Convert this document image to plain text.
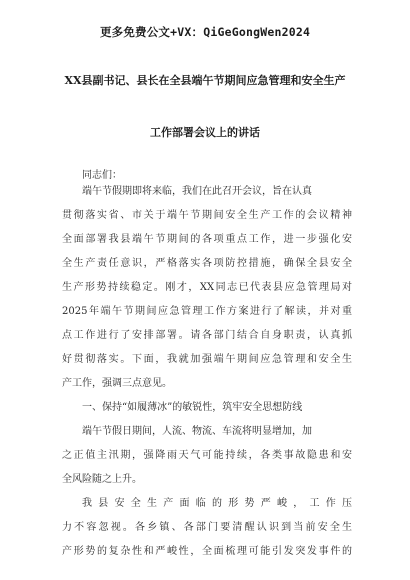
更多免费公文+VX：QiGeGongWen2024
XX县副书记、县长在全县端午节期间应急管理和安全生产
工作部署会议上的讲话
同志们：
端午节假期即将来临，我们在此召开会议，旨在认真
贯彻落实省、市关于端午节期间安全生产工作的会议精神
全面部署我县端午节期间的各项重点工作，进一步强化安
全生产责任意识，严格落实各项防控措施，确保全县安全
生产形势持续稳定。刚才，XX同志已代表县应急管理局对
2025年端午节期间应急管理工作方案进行了解读，并对重
点工作进行了安排部署。请各部门结合自身职责，认真抓
好贯彻落实。下面，我就加强端午期间应急管理和安全生
产工作，强调三点意见。
一、保持“如履薄冰”的敏锐性，筑牢安全思想防线
端午节假日期间，人流、物流、车流将明显增加，加
之正值主汛期，强降雨天气可能持续，各类事故隐患和安
全风险随之上升。
我县安全生产面临的形势严峻，工作压
力不容忽视。各乡镇、各部门要清醒认识到当前安全生
产形势的复杂性和严峻性，全面梳理可能引发突发事件的
